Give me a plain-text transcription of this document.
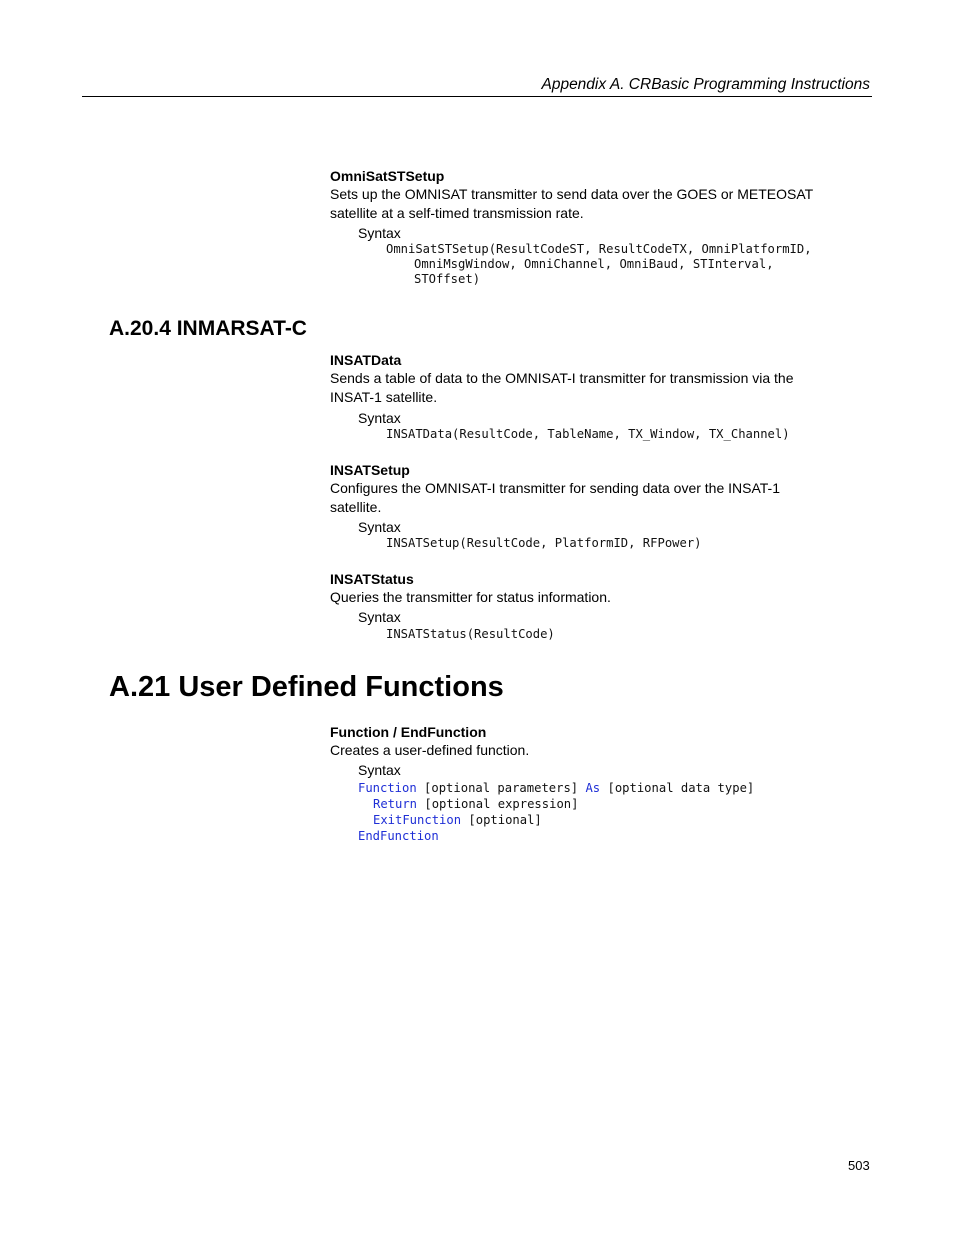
Appendix A. CRBasic Programming Instructions
OmniSatSTSetup
Sets up the OMNISAT transmitter to send data over the GOES or METEOSAT
satellite at a self-timed transmission rate.
Syntax
OmniSatSTSetup(ResultCodeST, ResultCodeTX, OmniPlatformID,
OmniMsgWindow, OmniChannel, OmniBaud, STInterval,
STOffset)
A.20.4 INMARSAT-C
INSATData
Sends a table of data to the OMNISAT-I transmitter for transmission via the
INSAT-1 satellite.
Syntax
INSATData(ResultCode, TableName, TX_Window, TX_Channel)
INSATSetup
Configures the OMNISAT-I transmitter for sending data over the INSAT-1
satellite.
Syntax
INSATSetup(ResultCode, PlatformID, RFPower)
INSATStatus
Queries the transmitter for status information.
Syntax
INSATStatus(ResultCode)
A.21 User Defined Functions
Function / EndFunction
Creates a user-defined function.
Syntax
Function [optional parameters] As [optional data type]
Return [optional expression]
ExitFunction [optional]
EndFunction
503
